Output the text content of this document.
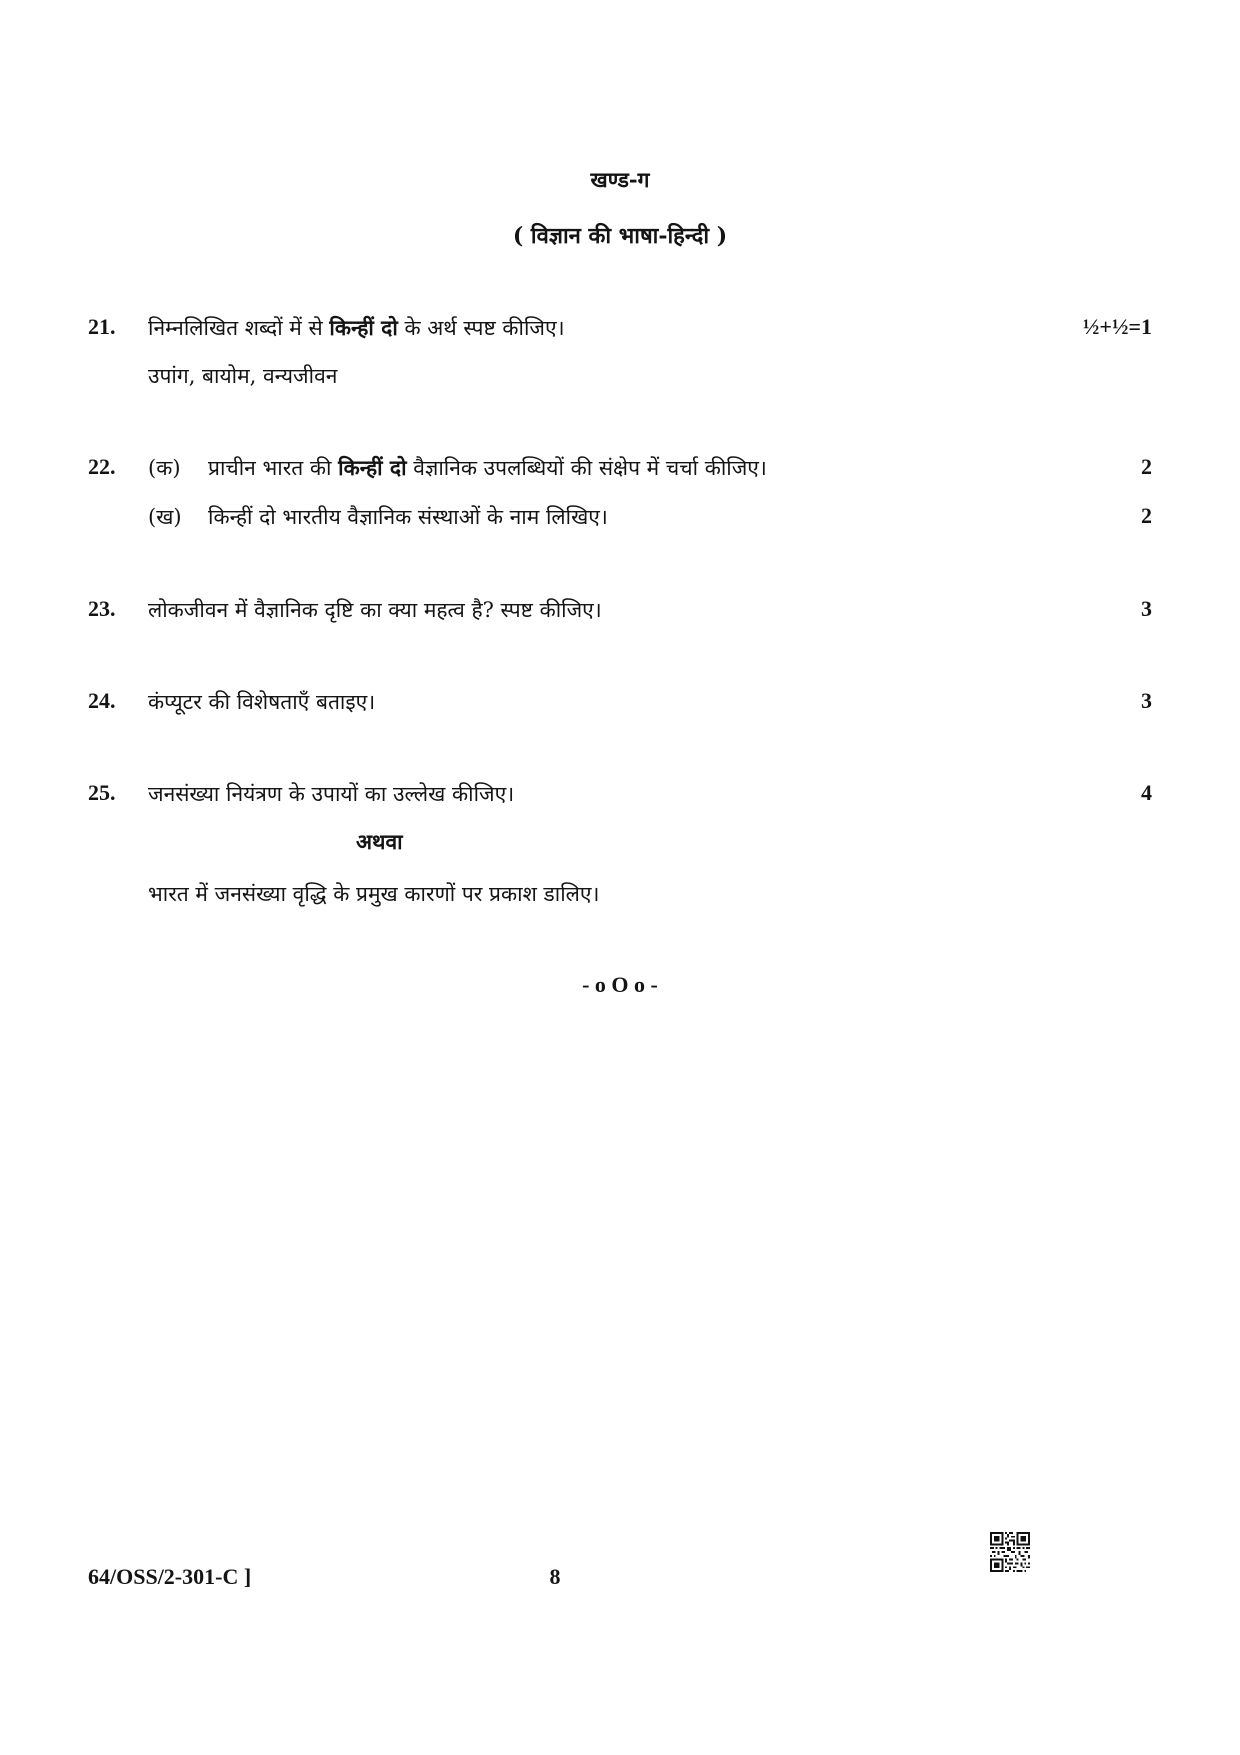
खण्ड-ग
( विज्ञान की भाषा-हिन्दी )
21. निम्नलिखित शब्दों में से किन्हीं दो के अर्थ स्पष्ट कीजिए।	½+½=1
उपांग, बायोम, वन्यजीवन
22. (क) प्राचीन भारत की किन्हीं दो वैज्ञानिक उपलब्धियों की संक्षेप में चर्चा कीजिए।	2
(ख) किन्हीं दो भारतीय वैज्ञानिक संस्थाओं के नाम लिखिए।	2
23. लोकजीवन में वैज्ञानिक दृष्टि का क्या महत्व है? स्पष्ट कीजिए।	3
24. कंप्यूटर की विशेषताएँ बताइए।	3
25. जनसंख्या नियंत्रण के उपायों का उल्लेख कीजिए।	4
अथवा
भारत में जनसंख्या वृद्धि के प्रमुख कारणों पर प्रकाश डालिए।
- o O o -
64/OSS/2-301-C ]	8
